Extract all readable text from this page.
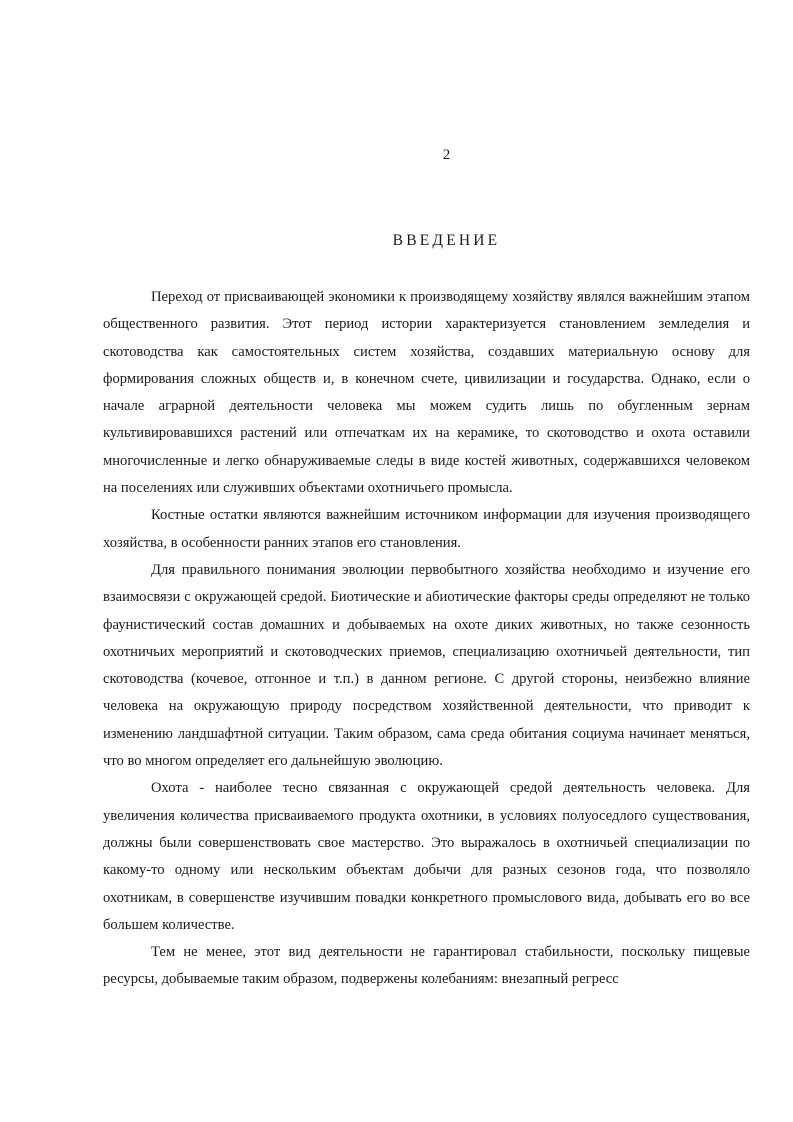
2
ВВЕДЕНИЕ

Переход от присваивающей экономики к производящему хозяйству являлся важнейшим этапом общественного развития. Этот период истории характеризуется становлением земледелия и скотоводства как самостоятельных систем хозяйства, создавших материальную основу для формирования сложных обществ и, в конечном счете, цивилизации и государства. Однако, если о начале аграрной деятельности человека мы можем судить лишь по обугленным зернам культивировавшихся растений или отпечаткам их на керамике, то скотоводство и охота оставили многочисленные и легко обнаруживаемые следы в виде костей животных, содержавшихся человеком на поселениях или служивших объектами охотничьего промысла.

Костные остатки являются важнейшим источником информации для изучения производящего хозяйства, в особенности ранних этапов его становления.

Для правильного понимания эволюции первобытного хозяйства необходимо и изучение его взаимосвязи с окружающей средой. Биотические и абиотические факторы среды определяют не только фаунистический состав домашних и добываемых на охоте диких животных, но также сезонность охотничьих мероприятий и скотоводческих приемов, специализацию охотничьей деятельности, тип скотоводства (кочевое, отгонное и т.п.) в данном регионе. С другой стороны, неизбежно влияние человека на окружающую природу посредством хозяйственной деятельности, что приводит к изменению ландшафтной ситуации. Таким образом, сама среда обитания социума начинает меняться, что во многом определяет его дальнейшую эволюцию.

Охота - наиболее тесно связанная с окружающей средой деятельность человека. Для увеличения количества присваиваемого продукта охотники, в условиях полуоседлого существования, должны были совершенствовать свое мастерство. Это выражалось в охотничьей специализации по какому-то одному или нескольким объектам добычи для разных сезонов года, что позволяло охотникам, в совершенстве изучившим повадки конкретного промыслового вида, добывать его во все большем количестве.

Тем не менее, этот вид деятельности не гарантировал стабильности, поскольку пищевые ресурсы, добываемые таким образом, подвержены колебаниям: внезапный регресс
